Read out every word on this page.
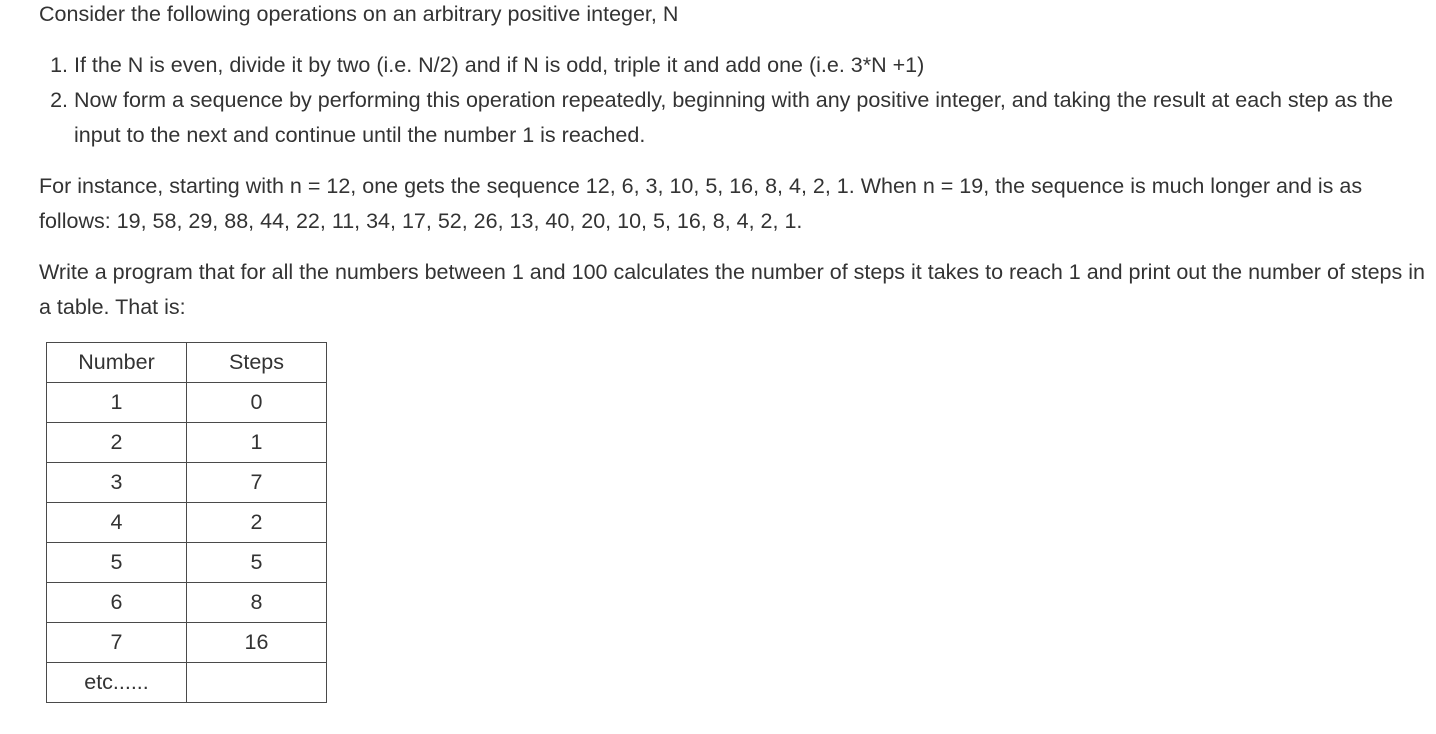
Consider the following operations on an arbitrary positive integer, N

1. If the N is even, divide it by two (i.e. N/2) and if N is odd, triple it and add one (i.e. 3*N +1)
2. Now form a sequence by performing this operation repeatedly, beginning with any positive integer, and taking the result at each step as the input to the next and continue until the number 1 is reached.

For instance, starting with n = 12, one gets the sequence 12, 6, 3, 10, 5, 16, 8, 4, 2, 1. When n = 19, the sequence is much longer and is as follows: 19, 58, 29, 88, 44, 22, 11, 34, 17, 52, 26, 13, 40, 20, 10, 5, 16, 8, 4, 2, 1.

Write a program that for all the numbers between 1 and 100 calculates the number of steps it takes to reach 1 and print out the number of steps in a table. That is:

Number	Steps
1	0
2	1
3	7
4	2
5	5
6	8
7	16
etc......	
